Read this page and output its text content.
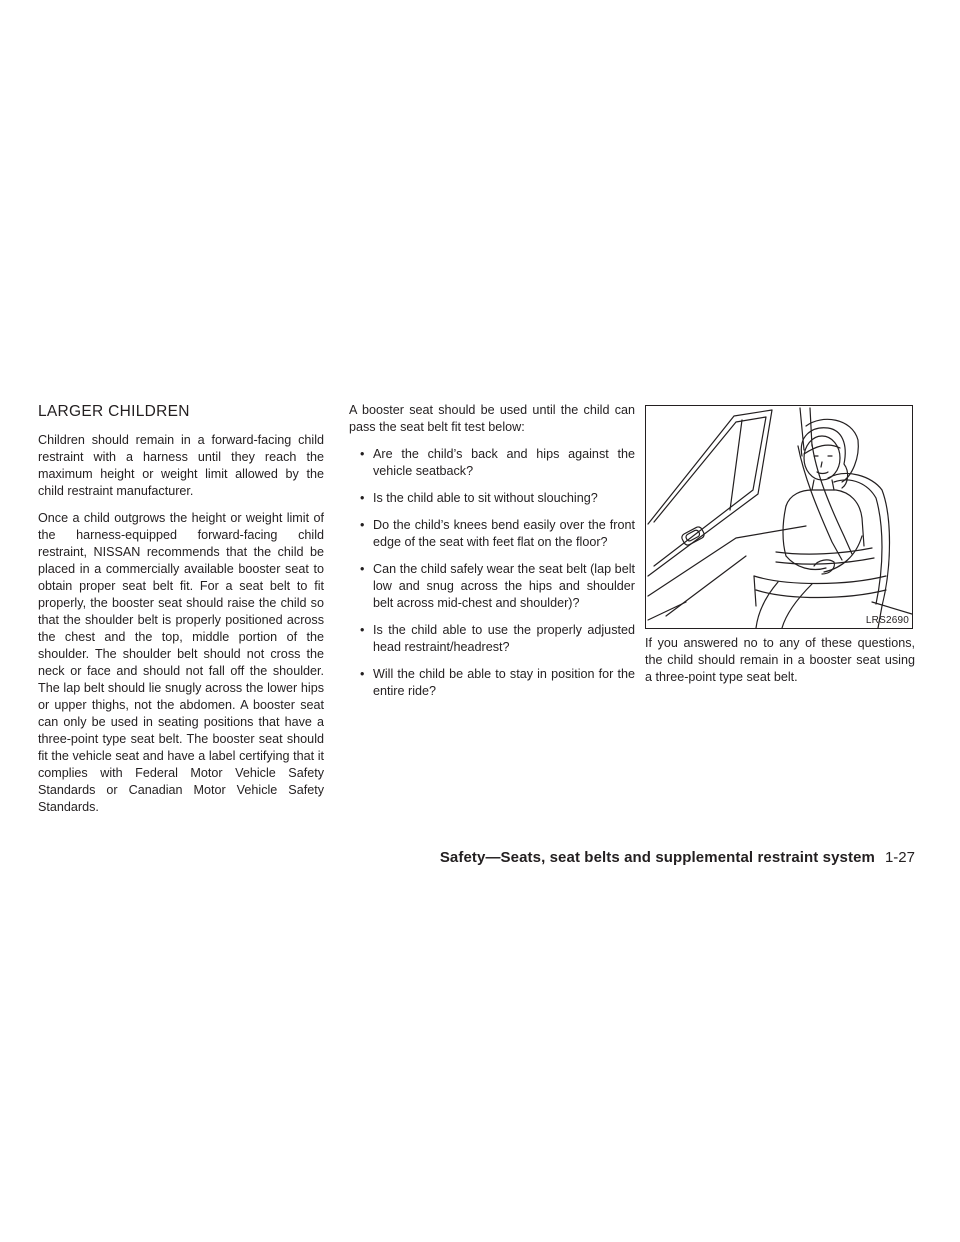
LARGER CHILDREN

Children should remain in a forward-facing child restraint with a harness until they reach the maximum height or weight limit allowed by the child restraint manufacturer.

Once a child outgrows the height or weight limit of the harness-equipped forward-facing child restraint, NISSAN recommends that the child be placed in a commercially available booster seat to obtain proper seat belt fit. For a seat belt to fit properly, the booster seat should raise the child so that the shoulder belt is properly positioned across the chest and the top, middle portion of the shoulder. The shoulder belt should not cross the neck or face and should not fall off the shoulder. The lap belt should lie snugly across the lower hips or upper thighs, not the abdomen. A booster seat can only be used in seating positions that have a three-point type seat belt. The booster seat should fit the vehicle seat and have a label certifying that it complies with Federal Motor Vehicle Safety Standards or Canadian Motor Vehicle Safety Standards.

A booster seat should be used until the child can pass the seat belt fit test below:

• Are the child’s back and hips against the vehicle seatback?
• Is the child able to sit without slouching?
• Do the child’s knees bend easily over the front edge of the seat with feet flat on the floor?
• Can the child safely wear the seat belt (lap belt low and snug across the hips and shoulder belt across mid-chest and shoulder)?
• Is the child able to use the properly adjusted head restraint/headrest?
• Will the child be able to stay in position for the entire ride?
LRS2690

If you answered no to any of these questions, the child should remain in a booster seat using a three-point type seat belt.

Safety—Seats, seat belts and supplemental restraint system 1-27
